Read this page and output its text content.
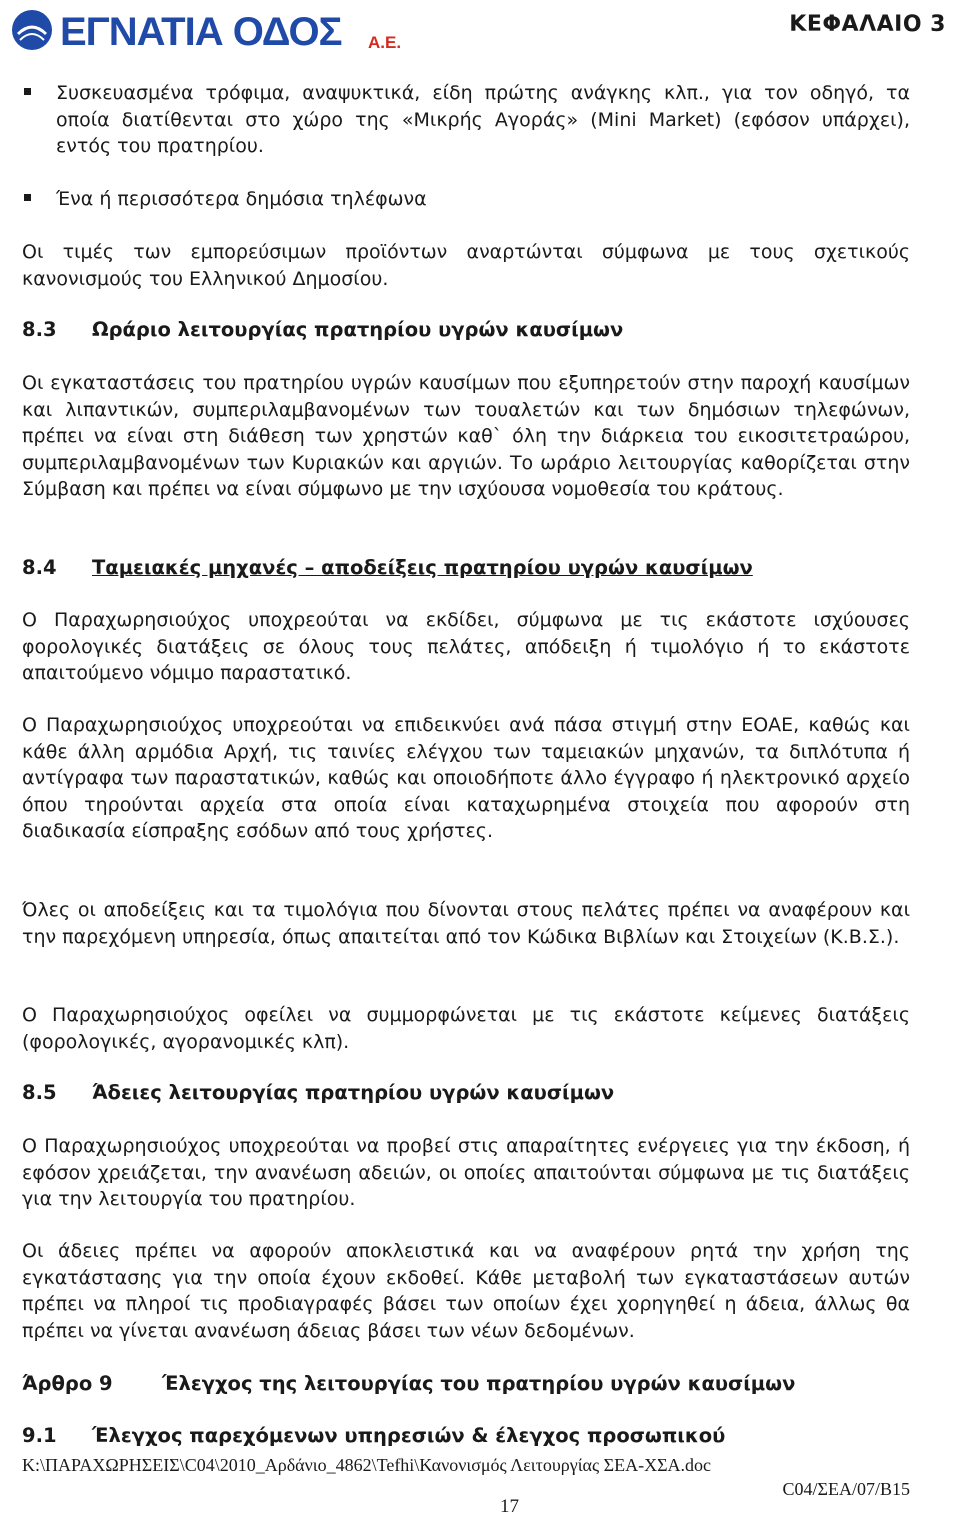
ΕΓΝΑΤΙΑ ΟΔΟΣ Α.Ε.
ΚΕΦΑΛΑΙΟ 3
Συσκευασμένα τρόφιμα, αναψυκτικά, είδη πρώτης ανάγκης κλπ., για τον οδηγό, τα οποία διατίθενται στο χώρο της «Μικρής Αγοράς» (Mini Market) (εφόσον υπάρχει), εντός του πρατηρίου.
Ένα ή περισσότερα δημόσια τηλέφωνα

Οι τιμές των εμπορεύσιμων προϊόντων αναρτώνται σύμφωνα με τους σχετικούς κανονισμούς του Ελληνικού Δημοσίου.

8.3 Ωράριο λειτουργίας πρατηρίου υγρών καυσίμων

Οι εγκαταστάσεις του πρατηρίου υγρών καυσίμων που εξυπηρετούν στην παροχή καυσίμων και λιπαντικών, συμπεριλαμβανομένων των τουαλετών και των δημόσιων τηλεφώνων, πρέπει να είναι στη διάθεση των χρηστών καθ` όλη την διάρκεια του εικοσιτετραώρου, συμπεριλαμβανομένων των Κυριακών και αργιών. Το ωράριο λειτουργίας καθορίζεται στην Σύμβαση και πρέπει να είναι σύμφωνο με την ισχύουσα νομοθεσία του κράτους.

8.4 Ταμειακές μηχανές – αποδείξεις πρατηρίου υγρών καυσίμων

Ο Παραχωρησιούχος υποχρεούται να εκδίδει, σύμφωνα με τις εκάστοτε ισχύουσες φορολογικές διατάξεις σε όλους τους πελάτες, απόδειξη ή τιμολόγιο ή το εκάστοτε απαιτούμενο νόμιμο παραστατικό.

Ο Παραχωρησιούχος υποχρεούται να επιδεικνύει ανά πάσα στιγμή στην ΕΟΑΕ, καθώς και κάθε άλλη αρμόδια Αρχή, τις ταινίες ελέγχου των ταμειακών μηχανών, τα διπλότυπα ή αντίγραφα των παραστατικών, καθώς και οποιοδήποτε άλλο έγγραφο ή ηλεκτρονικό αρχείο όπου τηρούνται αρχεία στα οποία είναι καταχωρημένα στοιχεία που αφορούν στη διαδικασία είσπραξης εσόδων από τους χρήστες.

Όλες οι αποδείξεις και τα τιμολόγια που δίνονται στους πελάτες πρέπει να αναφέρουν και την παρεχόμενη υπηρεσία, όπως απαιτείται από τον Κώδικα Βιβλίων και Στοιχείων (Κ.Β.Σ.).

Ο Παραχωρησιούχος οφείλει να συμμορφώνεται με τις εκάστοτε κείμενες διατάξεις (φορολογικές, αγορανομικές κλπ).

8.5 Άδειες λειτουργίας πρατηρίου υγρών καυσίμων

Ο Παραχωρησιούχος υποχρεούται να προβεί στις απαραίτητες ενέργειες για την έκδοση, ή εφόσον χρειάζεται, την ανανέωση αδειών, οι οποίες απαιτούνται σύμφωνα με τις διατάξεις για την λειτουργία του πρατηρίου.

Οι άδειες πρέπει να αφορούν αποκλειστικά και να αναφέρουν ρητά την χρήση της εγκατάστασης για την οποία έχουν εκδοθεί. Κάθε μεταβολή των εγκαταστάσεων αυτών πρέπει να πληροί τις προδιαγραφές βάσει των οποίων έχει χορηγηθεί η άδεια, άλλως θα πρέπει να γίνεται ανανέωση άδειας βάσει των νέων δεδομένων.

Άρθρο 9	Έλεγχος της λειτουργίας του πρατηρίου υγρών καυσίμων
9.1 Έλεγχος παρεχόμενων υπηρεσιών & έλεγχος προσωπικού
K:\ΠΑΡΑΧΩΡΗΣΕΙΣ\C04\2010_Αρδάνιο_4862\Tefhi\Κανονισμός Λειτουργίας ΣΕΑ-ΧΣΑ.doc
C04/ΣΕΑ/07/B15
17
